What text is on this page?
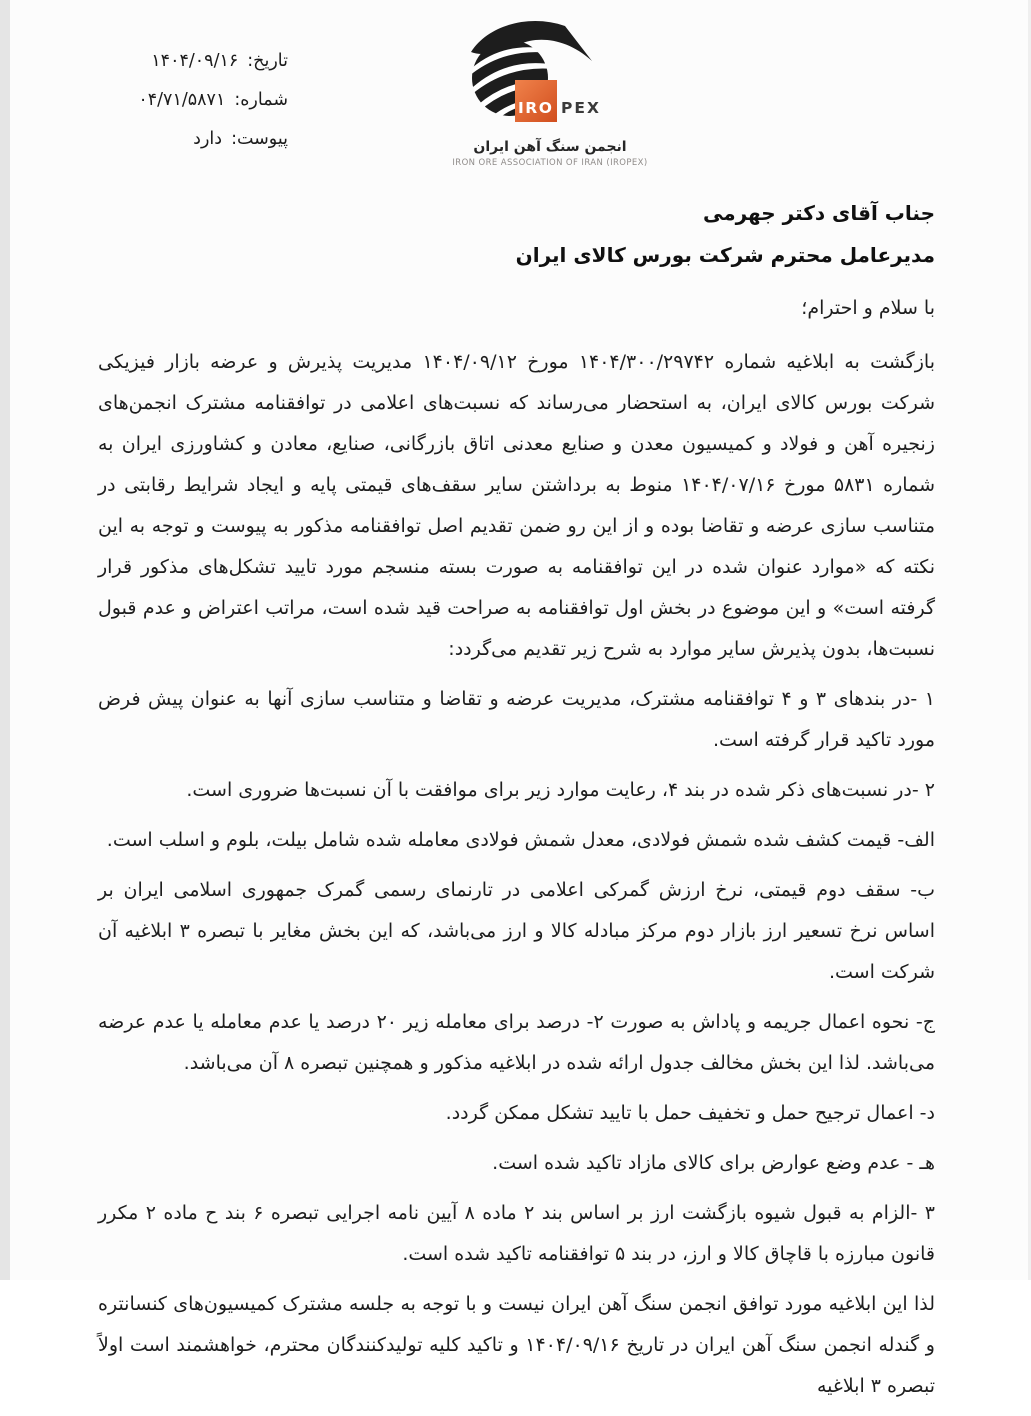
تاریخ:
۱۴۰۴/۰۹/۱۶
شماره:
۰۴/۷۱/۵۸۷۱
پیوست:
دارد
IRO PEX
انجمن سنگ آهن ایران
IRON ORE ASSOCIATION OF IRAN (IROPEX)
جناب آقای دکتر جهرمی
مدیرعامل محترم شرکت بورس کالای ایران
با سلام و احترام؛
بازگشت به ابلاغیه شماره ۱۴۰۴/۳۰۰/۲۹۷۴۲ مورخ ۱۴۰۴/۰۹/۱۲ مدیریت پذیرش و عرضه بازار فیزیکی شرکت بورس کالای ایران، به استحضار می‌رساند که نسبت‌های اعلامی در توافقنامه مشترک انجمن‌های زنجیره آهن و فولاد و کمیسیون معدن و صنایع معدنی اتاق بازرگانی، صنایع، معادن و کشاورزی ایران به شماره ۵۸۳۱ مورخ ۱۴۰۴/۰۷/۱۶ منوط به برداشتن سایر سقف‌های قیمتی پایه و ایجاد شرایط رقابتی در متناسب سازی عرضه و تقاضا بوده و از این رو ضمن تقدیم اصل توافقنامه مذکور به پیوست و توجه به این نکته که «موارد عنوان شده در این توافقنامه به صورت بسته منسجم مورد تایید تشکل‌های مذکور قرار گرفته است» و این موضوع در بخش اول توافقنامه به صراحت قید شده است، مراتب اعتراض و عدم قبول نسبت‌ها، بدون پذیرش سایر موارد به شرح زیر تقدیم می‌گردد:
۱ -در بندهای ۳ و ۴ توافقنامه مشترک، مدیریت عرضه و تقاضا و متناسب سازی آنها به عنوان پیش فرض مورد تاکید قرار گرفته است.
۲ -در نسبت‌های ذکر شده در بند ۴، رعایت موارد زیر برای موافقت با آن نسبت‌ها ضروری است.
الف- قیمت کشف شده شمش فولادی، معدل شمش فولادی معامله شده شامل بیلت، بلوم و اسلب است.
ب- سقف دوم قیمتی، نرخ ارزش گمرکی اعلامی در تارنمای رسمی گمرک جمهوری اسلامی ایران بر اساس نرخ تسعیر ارز بازار دوم مرکز مبادله کالا و ارز می‌باشد، که این بخش مغایر با تبصره ۳ ابلاغیه آن شرکت است.
ج- نحوه اعمال جریمه و پاداش به صورت ۲- درصد برای معامله زیر ۲۰ درصد یا عدم معامله یا عدم عرضه می‌باشد. لذا این بخش مخالف جدول ارائه شده در ابلاغیه مذکور و همچنین تبصره ۸ آن می‌باشد.
د- اعمال ترجیح حمل و تخفیف حمل با تایید تشکل ممکن گردد.
هـ - عدم وضع عوارض برای کالای مازاد تاکید شده است.
۳ -الزام به قبول شیوه بازگشت ارز بر اساس بند ۲ ماده ۸ آیین نامه اجرایی تبصره ۶ بند ح ماده ۲ مکرر قانون مبارزه با قاچاق کالا و ارز، در بند ۵ توافقنامه تاکید شده است.
لذا این ابلاغیه مورد توافق انجمن سنگ آهن ایران نیست و با توجه به جلسه مشترک کمیسیون‌های کنسانتره و گندله انجمن سنگ آهن ایران در تاریخ ۱۴۰۴/۰۹/۱۶ و تاکید کلیه تولیدکنندگان محترم، خواهشمند است اولاً تبصره ۳ ابلاغیه
